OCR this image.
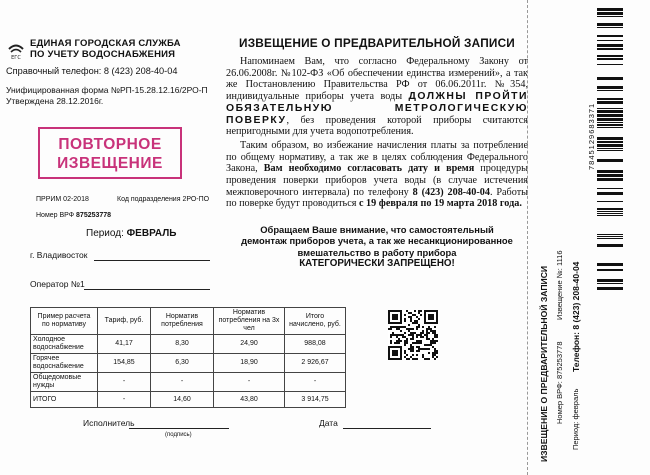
ЕГС
ЕДИНАЯ ГОРОДСКАЯ СЛУЖБА
ПО УЧЕТУ ВОДОСНАБЖЕНИЯ
Справочный телефон: 8 (423) 208-40-04
Унифицированная форма №РП-15.28.12.16/2РО-П
Утверждена 28.12.2016г.
ПОВТОРНОЕ
ИЗВЕЩЕНИЕ
ПРРИМ 02-2018	Код подразделения 2РО-ПО
Номер ВРФ 875253778
Период: ФЕВРАЛЬ
г. Владивосток
Оператор №1
Исполнитель
(подпись)
Пример расчета по нормативу	Тариф, руб.	Норматив потребления	Норматив потребления на 3х чел	Итого начислено, руб.
Холодное водоснабжение	41,17	8,30	24,90	988,08
Горячее водоснабжение	154,85	6,30	18,90	2 926,67
Общедомовые нужды	-	-	-	-
ИТОГО	-	14,60	43,80	3 914,75
Дата
ИЗВЕЩЕНИЕ О ПРЕДВАРИТЕЛЬНОЙ ЗАПИСИ

Напоминаем Вам, что согласно Федеральному Закону от 26.06.2008г. №102-ФЗ «Об обеспечении единства измерений», а так же Постановлению Правительства РФ от 06.06.2011г. №354, индивидуальные приборы учета воды ДОЛЖНЫ ПРОЙТИ ОБЯЗАТЕЛЬНУЮ МЕТРОЛОГИЧЕСКУЮ ПОВЕРКУ, без проведения которой приборы считаются непригодными для учета водопотребления.

Таким образом, во избежание начисления платы за потребление по общему нормативу, а так же в целях соблюдения Федерального Закона, Вам необходимо согласовать дату и время процедуры проведения поверки приборов учета воды (в случае истечения межповерочного интервала) по телефону 8 (423) 208-40-04. Работы по поверке будут проводиться с 19 февраля по 19 марта 2018 года.

Обращаем Ваше внимание, что самостоятельный
демонтаж приборов учета, а так же несанкционированное
вмешательство в работу прибора
КАТЕГОРИЧЕСКИ ЗАПРЕЩЕНО!
ИЗВЕЩЕНИЕ О ПРЕДВАРИТЕЛЬНОЙ ЗАПИСИ Извещение №: 1116
Номер ВРФ: 875253778
Телефон: 8 (423) 208-40-04
Период: февраль
7845129683371
